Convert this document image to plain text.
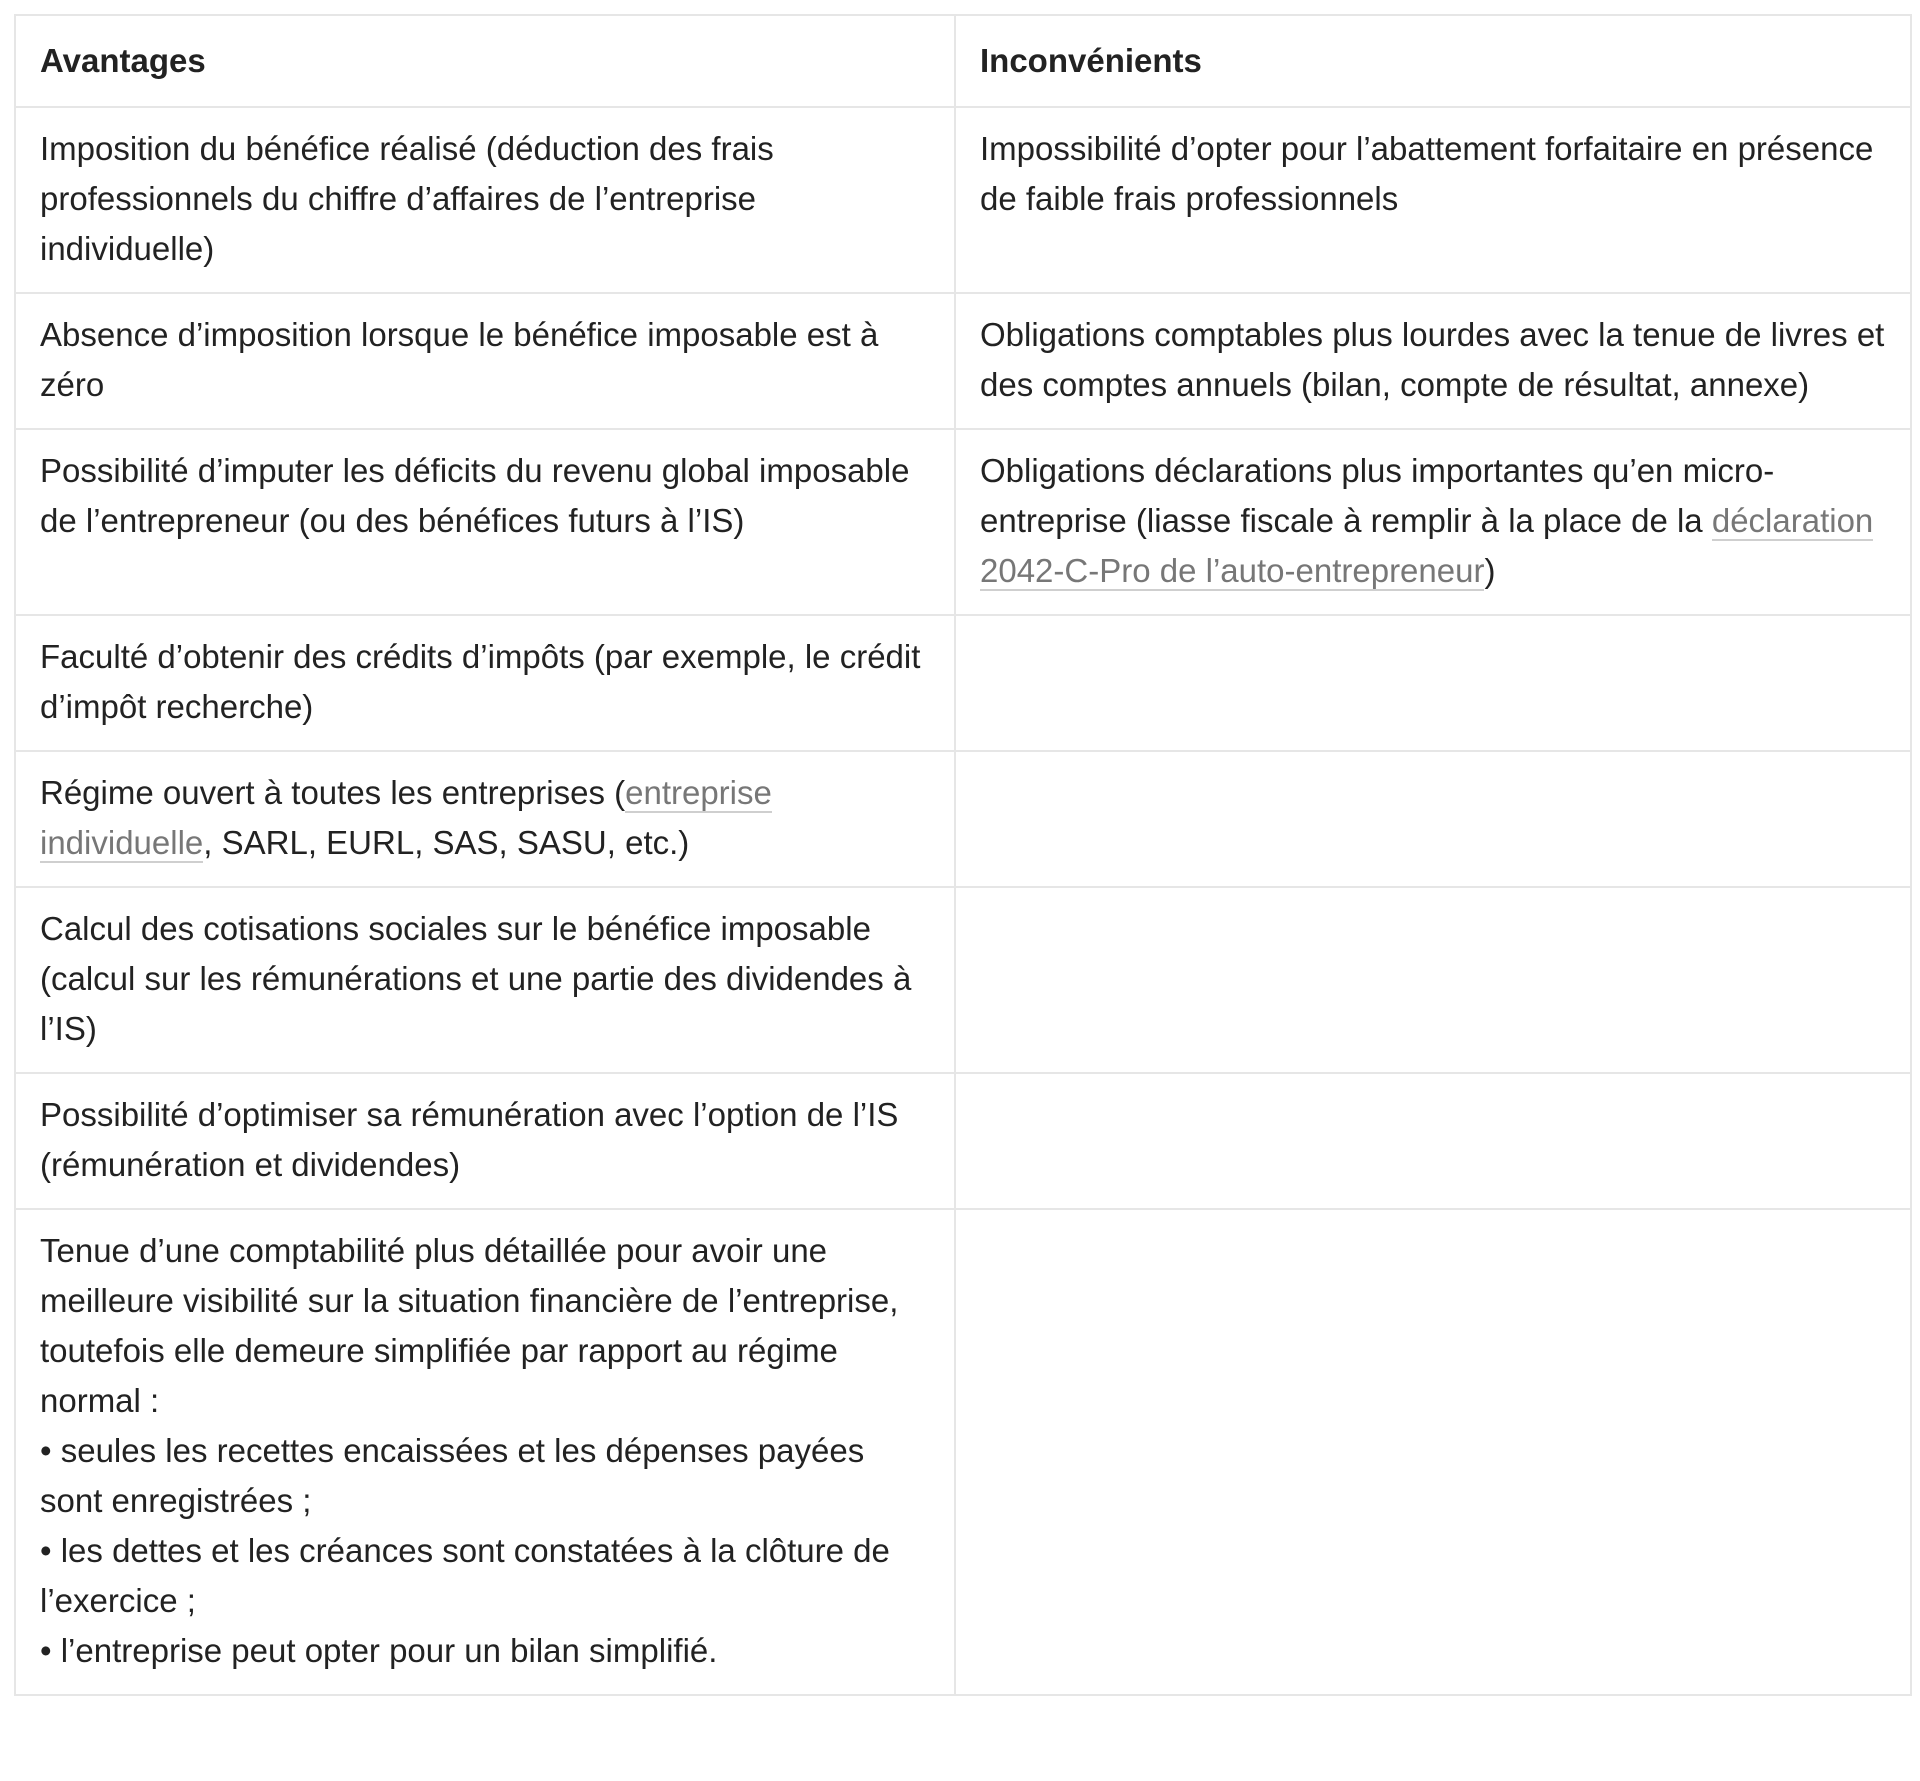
Avantages	Inconvénients
Imposition du bénéfice réalisé (déduction des frais professionnels du chiffre d’affaires de l’entreprise individuelle)	Impossibilité d’opter pour l’abattement forfaitaire en présence de faible frais professionnels
Absence d’imposition lorsque le bénéfice imposable est à zéro	Obligations comptables plus lourdes avec la tenue de livres et des comptes annuels (bilan, compte de résultat, annexe)
Possibilité d’imputer les déficits du revenu global imposable de l’entrepreneur (ou des bénéfices futurs à l’IS)	Obligations déclarations plus importantes qu’en micro-entreprise (liasse fiscale à remplir à la place de la déclaration 2042-C-Pro de l’auto-entrepreneur)
Faculté d’obtenir des crédits d’impôts (par exemple, le crédit d’impôt recherche)	
Régime ouvert à toutes les entreprises (entreprise individuelle, SARL, EURL, SAS, SASU, etc.)	
Calcul des cotisations sociales sur le bénéfice imposable (calcul sur les rémunérations et une partie des dividendes à l’IS)	
Possibilité d’optimiser sa rémunération avec l’option de l’IS (rémunération et dividendes)	

Tenue d’une comptabilité plus détaillée pour avoir une meilleure visibilité sur la situation financière de l’entreprise, toutefois elle demeure simplifiée par rapport au régime normal :
• seules les recettes encaissées et les dépenses payées sont enregistrées ;
• les dettes et les créances sont constatées à la clôture de l’exercice ;
• l’entreprise peut opter pour un bilan simplifié.	
